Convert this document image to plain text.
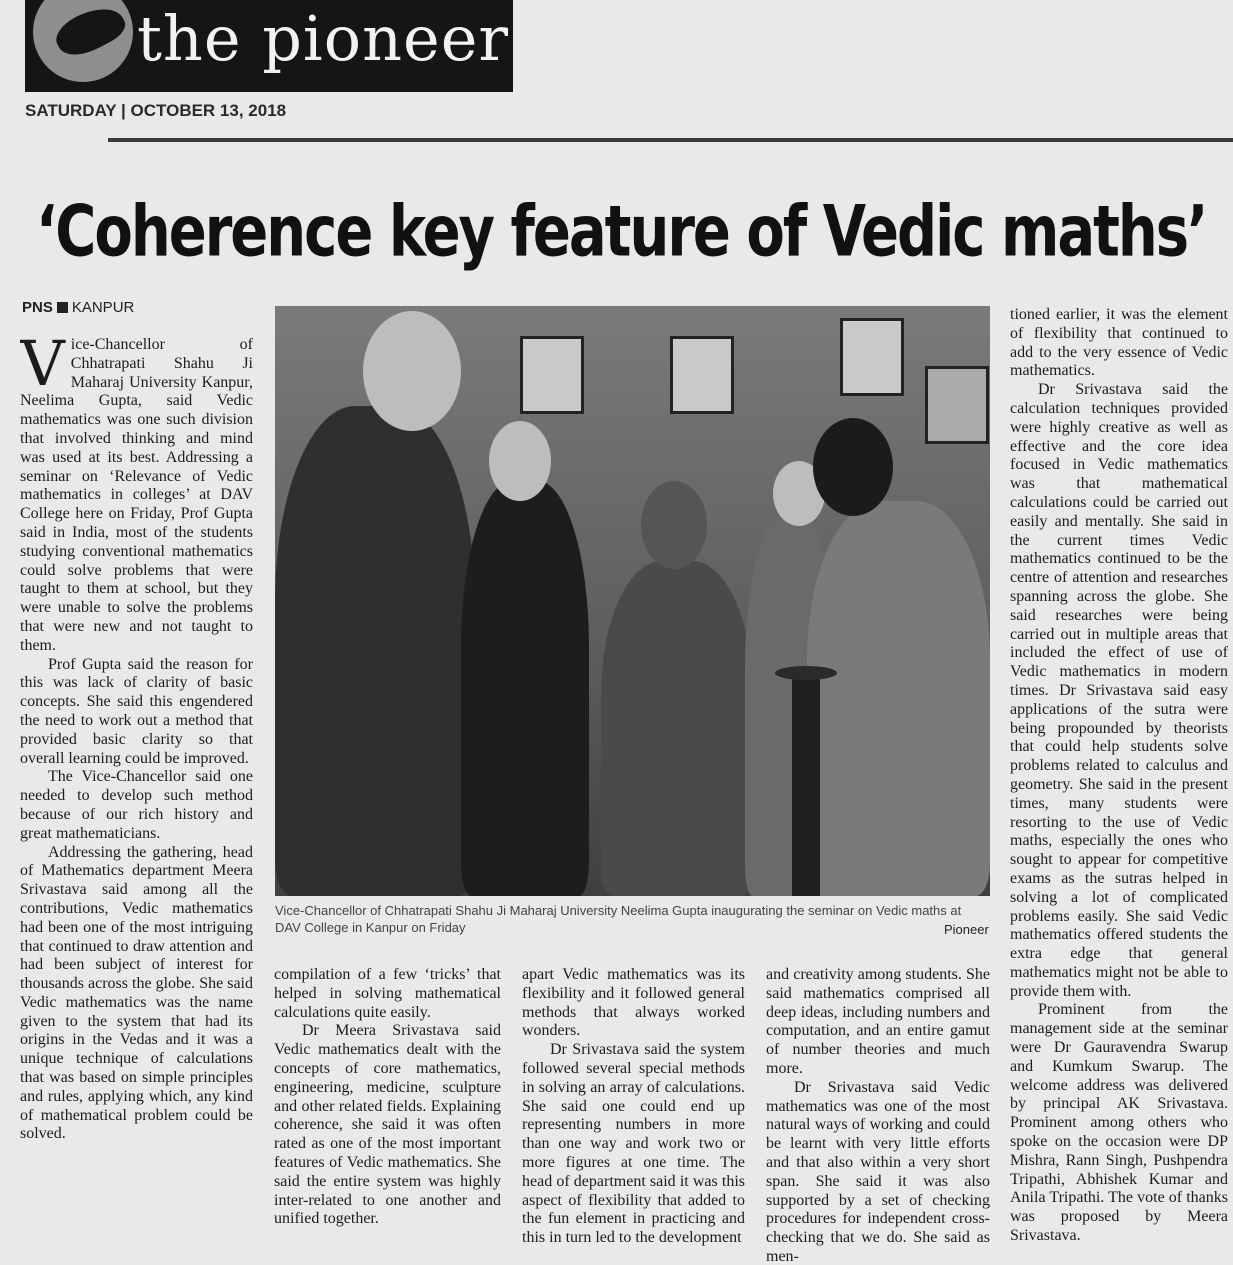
the pioneer
SATURDAY | OCTOBER 13, 2018
‘Coherence key feature of Vedic maths’
PNS KANPUR

Vice-Chancellor of Chhatrapati Shahu Ji Maharaj University Kanpur, Neelima Gupta, said Vedic mathematics was one such division that involved thinking and mind was used at its best. Addressing a seminar on ‘Relevance of Vedic mathematics in colleges’ at DAV College here on Friday, Prof Gupta said in India, most of the students studying conventional mathematics could solve problems that were taught to them at school, but they were unable to solve the problems that were new and not taught to them.

Prof Gupta said the reason for this was lack of clarity of basic concepts. She said this engendered the need to work out a method that provided basic clarity so that overall learning could be improved.

The Vice-Chancellor said one needed to develop such method because of our rich history and great mathematicians.

Addressing the gathering, head of Mathematics department Meera Srivastava said among all the contributions, Vedic mathematics had been one of the most intriguing that continued to draw attention and had been subject of interest for thousands across the globe. She said Vedic mathematics was the name given to the system that had its origins in the Vedas and it was a unique technique of calculations that was based on simple principles and rules, applying which, any kind of mathematical problem could be solved.

Vice-Chancellor of Chhatrapati Shahu Ji Maharaj University Neelima Gupta inaugurating the seminar on Vedic maths at DAV College in Kanpur on Friday	Pioneer

compilation of a few ‘tricks’ that helped in solving mathematical calculations quite easily.

Dr Meera Srivastava said Vedic mathematics dealt with the concepts of core mathematics, engineering, medicine, sculpture and other related fields. Explaining coherence, she said it was often rated as one of the most important features of Vedic mathematics. She said the entire system was highly inter-related to one another and unified together.

apart Vedic mathematics was its flexibility and it followed general methods that always worked wonders.

Dr Srivastava said the system followed several special methods in solving an array of calculations. She said one could end up representing numbers in more than one way and work two or more figures at one time. The head of department said it was this aspect of flexibility that added to the fun element in practicing and this in turn led to the development

and creativity among students. She said mathematics comprised all deep ideas, including numbers and computation, and an entire gamut of number theories and much more.

Dr Srivastava said Vedic mathematics was one of the most natural ways of working and could be learnt with very little efforts and that also within a very short span. She said it was also supported by a set of checking procedures for independent cross-checking that we do. She said as men-

tioned earlier, it was the element of flexibility that continued to add to the very essence of Vedic mathematics.

Dr Srivastava said the calculation techniques provided were highly creative as well as effective and the core idea focused in Vedic mathematics was that mathematical calculations could be carried out easily and mentally. She said in the current times Vedic mathematics continued to be the centre of attention and researches spanning across the globe. She said researches were being carried out in multiple areas that included the effect of use of Vedic mathematics in modern times. Dr Srivastava said easy applications of the sutra were being propounded by theorists that could help students solve problems related to calculus and geometry. She said in the present times, many students were resorting to the use of Vedic maths, especially the ones who sought to appear for competitive exams as the sutras helped in solving a lot of complicated problems easily. She said Vedic mathematics offered students the extra edge that general mathematics might not be able to provide them with.

Prominent from the management side at the seminar were Dr Gauravendra Swarup and Kumkum Swarup. The welcome address was delivered by principal AK Srivastava. Prominent among others who spoke on the occasion were DP Mishra, Rann Singh, Pushpendra Tripathi, Abhishek Kumar and Anila Tripathi. The vote of thanks was proposed by Meera Srivastava.
